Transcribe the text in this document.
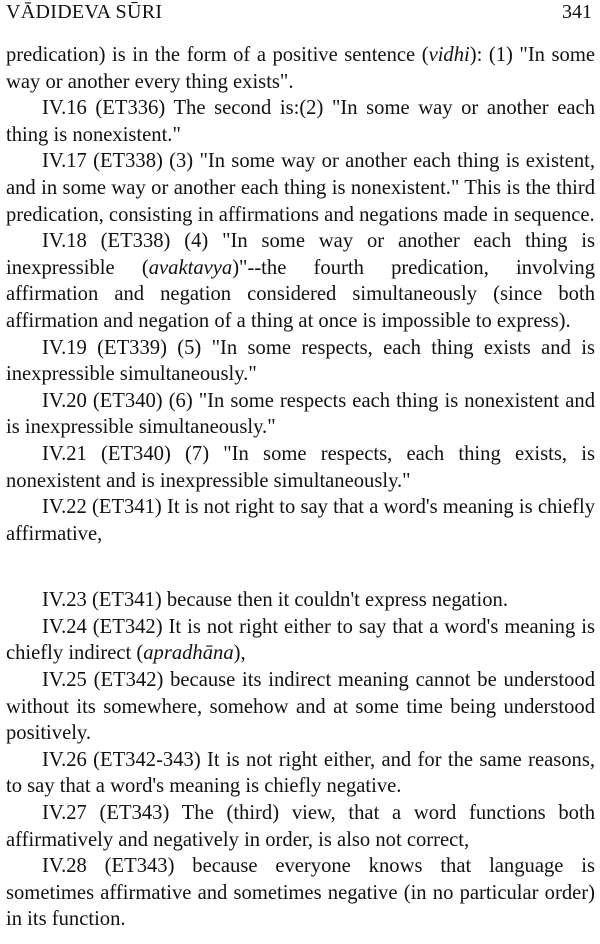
VĀDIDEVA SŪRI	341

predication) is in the form of a positive sentence (vidhi): (1) "In some way or another every thing exists".

IV.16 (ET336) The second is:(2) "In some way or another each thing is nonexistent."

IV.17 (ET338) (3) "In some way or another each thing is existent, and in some way or another each thing is nonexistent." This is the third predication, consisting in affirmations and negations made in sequence.

IV.18 (ET338) (4) "In some way or another each thing is inexpressible (avaktavya)"--the fourth predication, involving affirmation and negation considered simultaneously (since both affirmation and negation of a thing at once is impossible to express).

IV.19 (ET339) (5) "In some respects, each thing exists and is inexpressible simultaneously."

IV.20 (ET340) (6) "In some respects each thing is nonexistent and is inexpressible simultaneously."

IV.21 (ET340) (7) "In some respects, each thing exists, is nonexistent and is inexpressible simultaneously."

IV.22 (ET341) It is not right to say that a word's meaning is chiefly affirmative,

IV.23 (ET341) because then it couldn't express negation.

IV.24 (ET342) It is not right either to say that a word's meaning is chiefly indirect (apradhāna),

IV.25 (ET342) because its indirect meaning cannot be understood without its somewhere, somehow and at some time being understood positively.

IV.26 (ET342-343) It is not right either, and for the same reasons, to say that a word's meaning is chiefly negative.

IV.27 (ET343) The (third) view, that a word functions both affirmatively and negatively in order, is also not correct,

IV.28 (ET343) because everyone knows that language is sometimes affirmative and sometimes negative (in no particular order) in its function.
